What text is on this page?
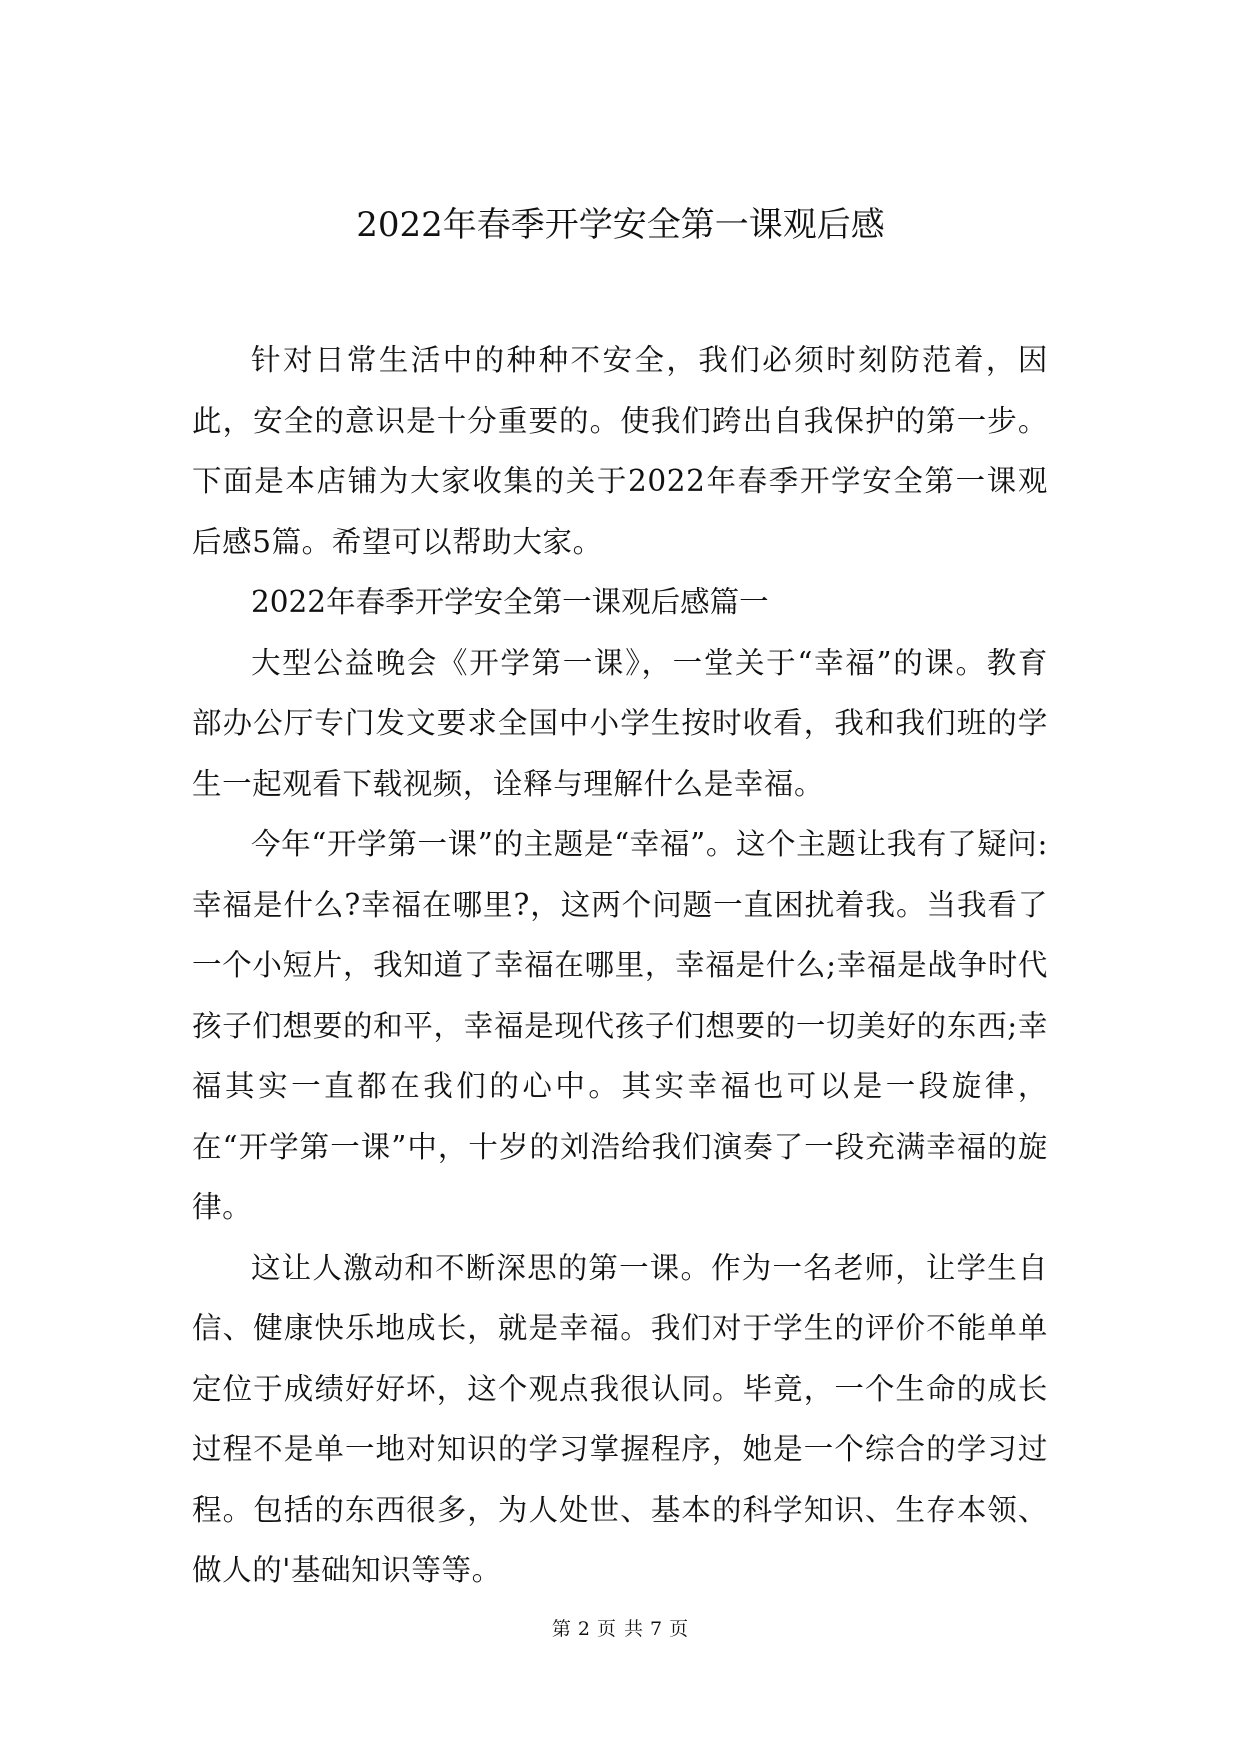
2022年春季开学安全第一课观后感

针对日常生活中的种种不安全，我们必须时刻防范着，因此，安全的意识是十分重要的。使我们跨出自我保护的第一步。下面是本店铺为大家收集的关于2022年春季开学安全第一课观后感5篇。希望可以帮助大家。

2022年春季开学安全第一课观后感篇一

大型公益晚会《开学第一课》，一堂关于“幸福”的课。教育部办公厅专门发文要求全国中小学生按时收看，我和我们班的学生一起观看下载视频，诠释与理解什么是幸福。

今年“开学第一课”的主题是“幸福”。这个主题让我有了疑问:幸福是什么?幸福在哪里?，这两个问题一直困扰着我。当我看了一个小短片，我知道了幸福在哪里，幸福是什么;幸福是战争时代孩子们想要的和平，幸福是现代孩子们想要的一切美好的东西;幸福其实一直都在我们的心中。其实幸福也可以是一段旋律，在“开学第一课”中，十岁的刘浩给我们演奏了一段充满幸福的旋律。

这让人激动和不断深思的第一课。作为一名老师，让学生自信、健康快乐地成长，就是幸福。我们对于学生的评价不能单单定位于成绩好好坏，这个观点我很认同。毕竟，一个生命的成长过程不是单一地对知识的学习掌握程序，她是一个综合的学习过程。包括的东西很多，为人处世、基本的科学知识、生存本领、做人的'基础知识等等。

第 2 页 共 7 页
